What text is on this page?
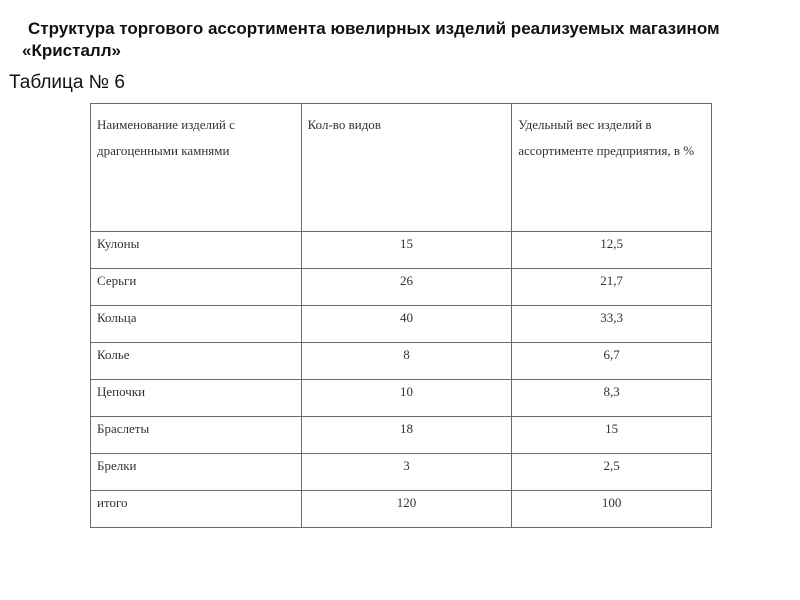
Структура торгового ассортимента ювелирных изделий реализуемых магазином
«Кристалл»
Таблица № 6
Наименование изделий с драгоценными камнями	Кол-во видов	Удельный вес изделий в ассортименте предприятия, в %
Кулоны	15	12,5
Серьги	26	21,7
Кольца	40	33,3
Колье	8	6,7
Цепочки	10	8,3
Браслеты	18	15
Брелки	3	2,5
итого	120	100
